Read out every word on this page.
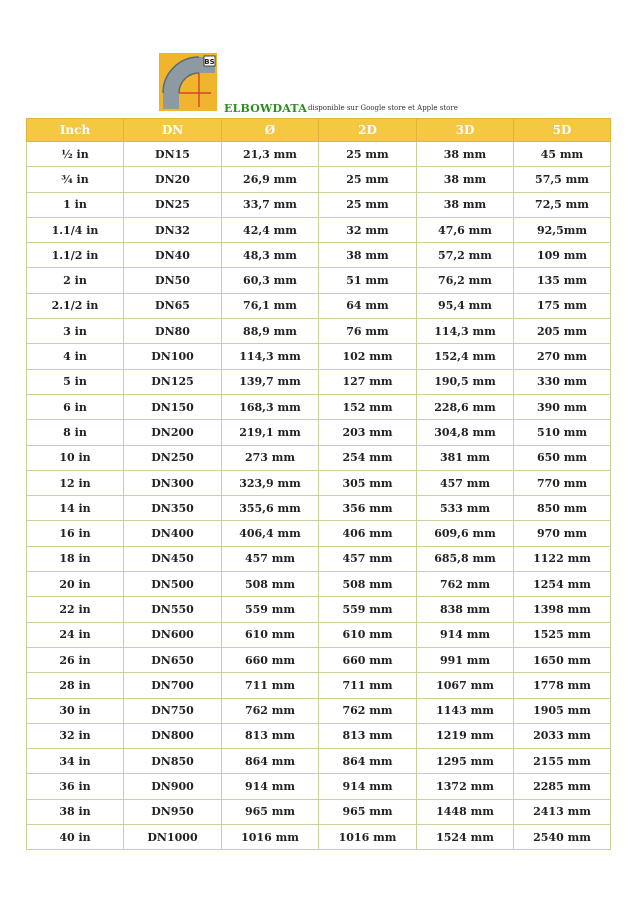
BS
ELBOWDATA disponible sur Google store et Apple store
Inch	DN	Ø	2D	3D	5D
½ in	DN15	21,3 mm	25 mm	38 mm	45 mm
¾ in	DN20	26,9 mm	25 mm	38 mm	57,5 mm
1 in	DN25	33,7 mm	25 mm	38 mm	72,5 mm
1.1/4 in	DN32	42,4 mm	32 mm	47,6 mm	92,5mm
1.1/2 in	DN40	48,3 mm	38 mm	57,2 mm	109 mm
2 in	DN50	60,3 mm	51 mm	76,2 mm	135 mm
2.1/2 in	DN65	76,1 mm	64 mm	95,4 mm	175 mm
3 in	DN80	88,9 mm	76 mm	114,3 mm	205 mm
4 in	DN100	114,3 mm	102 mm	152,4 mm	270 mm
5 in	DN125	139,7 mm	127 mm	190,5 mm	330 mm
6 in	DN150	168,3 mm	152 mm	228,6 mm	390 mm
8 in	DN200	219,1 mm	203 mm	304,8 mm	510 mm
10 in	DN250	273 mm	254 mm	381 mm	650 mm
12 in	DN300	323,9 mm	305 mm	457 mm	770 mm
14 in	DN350	355,6 mm	356 mm	533 mm	850 mm
16 in	DN400	406,4 mm	406 mm	609,6 mm	970 mm
18 in	DN450	457 mm	457 mm	685,8 mm	1122 mm
20 in	DN500	508 mm	508 mm	762 mm	1254 mm
22 in	DN550	559 mm	559 mm	838 mm	1398 mm
24 in	DN600	610 mm	610 mm	914 mm	1525 mm
26 in	DN650	660 mm	660 mm	991 mm	1650 mm
28 in	DN700	711 mm	711 mm	1067 mm	1778 mm
30 in	DN750	762 mm	762 mm	1143 mm	1905 mm
32 in	DN800	813 mm	813 mm	1219 mm	2033 mm
34 in	DN850	864 mm	864 mm	1295 mm	2155 mm
36 in	DN900	914 mm	914 mm	1372 mm	2285 mm
38 in	DN950	965 mm	965 mm	1448 mm	2413 mm
40 in	DN1000	1016 mm	1016 mm	1524 mm	2540 mm
